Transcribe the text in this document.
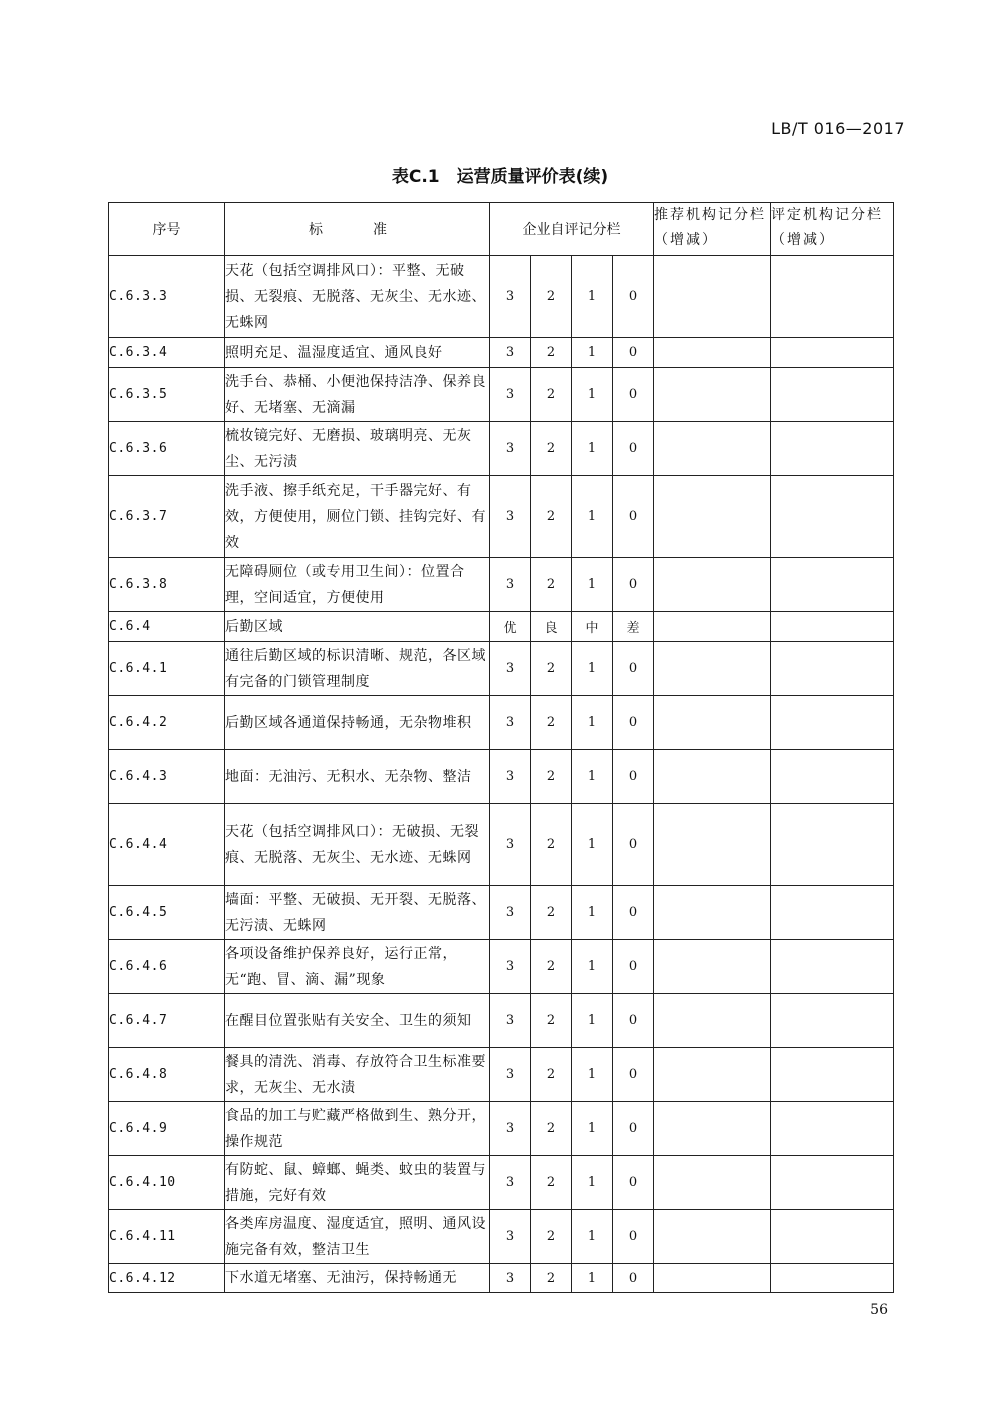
LB/T 016—2017
表C.1　运营质量评价表(续)
序号	标　准	企业自评记分栏				推荐机构记分栏（增减）	评定机构记分栏（增减）
C.6.3.3	天花（包括空调排风口）：平整、无破损、无裂痕、无脱落、无灰尘、无水迹、无蛛网	3	2	1	0		
C.6.3.4	照明充足、温湿度适宜、通风良好	3	2	1	0		
C.6.3.5	洗手台、恭桶、小便池保持洁净、保养良好、无堵塞、无滴漏	3	2	1	0		
C.6.3.6	梳妆镜完好、无磨损、玻璃明亮、无灰尘、无污渍	3	2	1	0		
C.6.3.7	洗手液、擦手纸充足，干手器完好、有效，方便使用，厕位门锁、挂钩完好、有效	3	2	1	0		
C.6.3.8	无障碍厕位（或专用卫生间）：位置合理，空间适宜，方便使用	3	2	1	0		
C.6.4	后勤区域	优	良	中	差		
C.6.4.1	通往后勤区域的标识清晰、规范，各区域有完备的门锁管理制度	3	2	1	0		
C.6.4.2	后勤区域各通道保持畅通，无杂物堆积	3	2	1	0		
C.6.4.3	地面：无油污、无积水、无杂物、整洁	3	2	1	0		
C.6.4.4	天花（包括空调排风口）：无破损、无裂痕、无脱落、无灰尘、无水迹、无蛛网	3	2	1	0		
C.6.4.5	墙面：平整、无破损、无开裂、无脱落、无污渍、无蛛网	3	2	1	0		
C.6.4.6	各项设备维护保养良好，运行正常，无“跑、冒、滴、漏”现象	3	2	1	0		
C.6.4.7	在醒目位置张贴有关安全、卫生的须知	3	2	1	0		
C.6.4.8	餐具的清洗、消毒、存放符合卫生标准要求，无灰尘、无水渍	3	2	1	0		
C.6.4.9	食品的加工与贮藏严格做到生、熟分开，操作规范	3	2	1	0		
C.6.4.10	有防蛇、鼠、蟑螂、蝇类、蚊虫的装置与措施，完好有效	3	2	1	0		
C.6.4.11	各类库房温度、湿度适宜，照明、通风设施完备有效，整洁卫生	3	2	1	0		
C.6.4.12	下水道无堵塞、无油污，保持畅通无	3	2	1	0		
56
